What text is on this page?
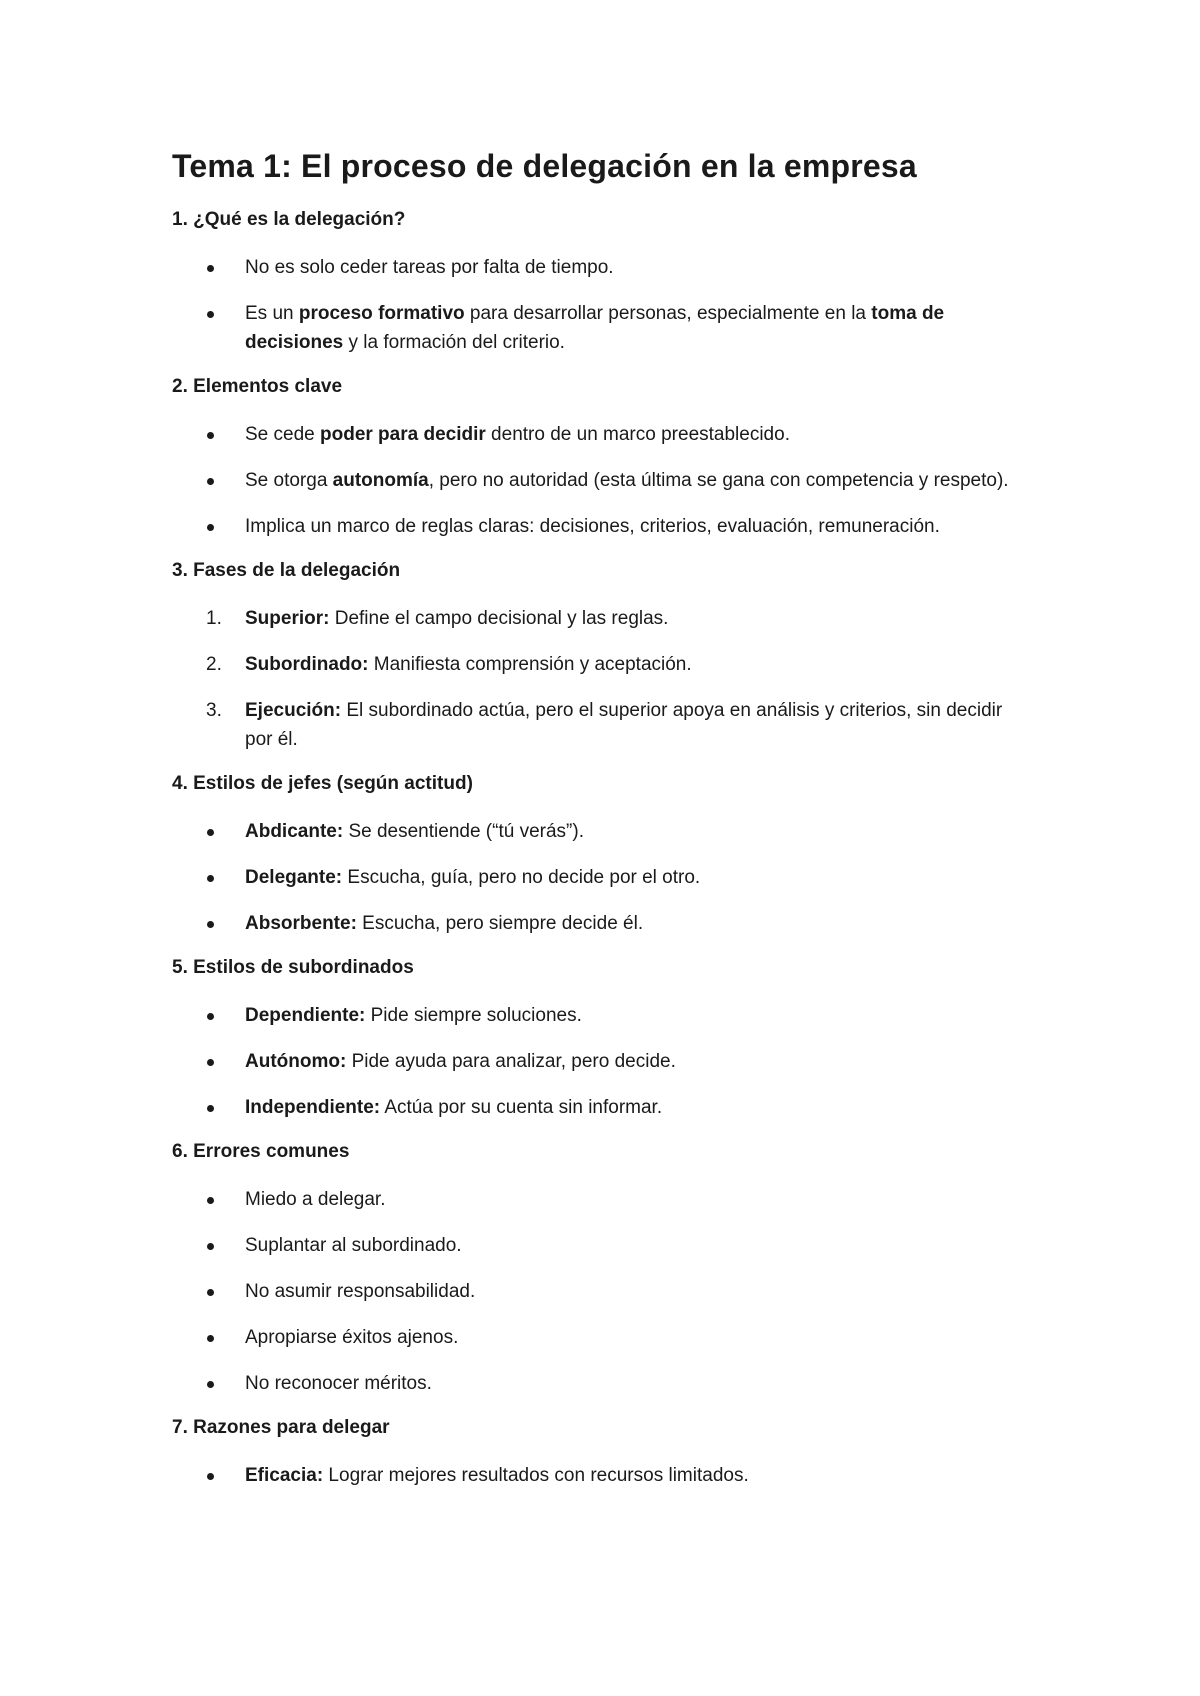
Tema 1: El proceso de delegación en la empresa
1. ¿Qué es la delegación?
No es solo ceder tareas por falta de tiempo.
Es un proceso formativo para desarrollar personas, especialmente en la toma de decisiones y la formación del criterio.
2. Elementos clave
Se cede poder para decidir dentro de un marco preestablecido.
Se otorga autonomía, pero no autoridad (esta última se gana con competencia y respeto).
Implica un marco de reglas claras: decisiones, criterios, evaluación, remuneración.
3. Fases de la delegación
1.	Superior: Define el campo decisional y las reglas.
2.	Subordinado: Manifiesta comprensión y aceptación.
3.	Ejecución: El subordinado actúa, pero el superior apoya en análisis y criterios, sin decidir por él.
4. Estilos de jefes (según actitud)
Abdicante: Se desentiende (“tú verás”).
Delegante: Escucha, guía, pero no decide por el otro.
Absorbente: Escucha, pero siempre decide él.
5. Estilos de subordinados
Dependiente: Pide siempre soluciones.
Autónomo: Pide ayuda para analizar, pero decide.
Independiente: Actúa por su cuenta sin informar.
6. Errores comunes
Miedo a delegar.
Suplantar al subordinado.
No asumir responsabilidad.
Apropiarse éxitos ajenos.
No reconocer méritos.
7. Razones para delegar
Eficacia: Lograr mejores resultados con recursos limitados.
